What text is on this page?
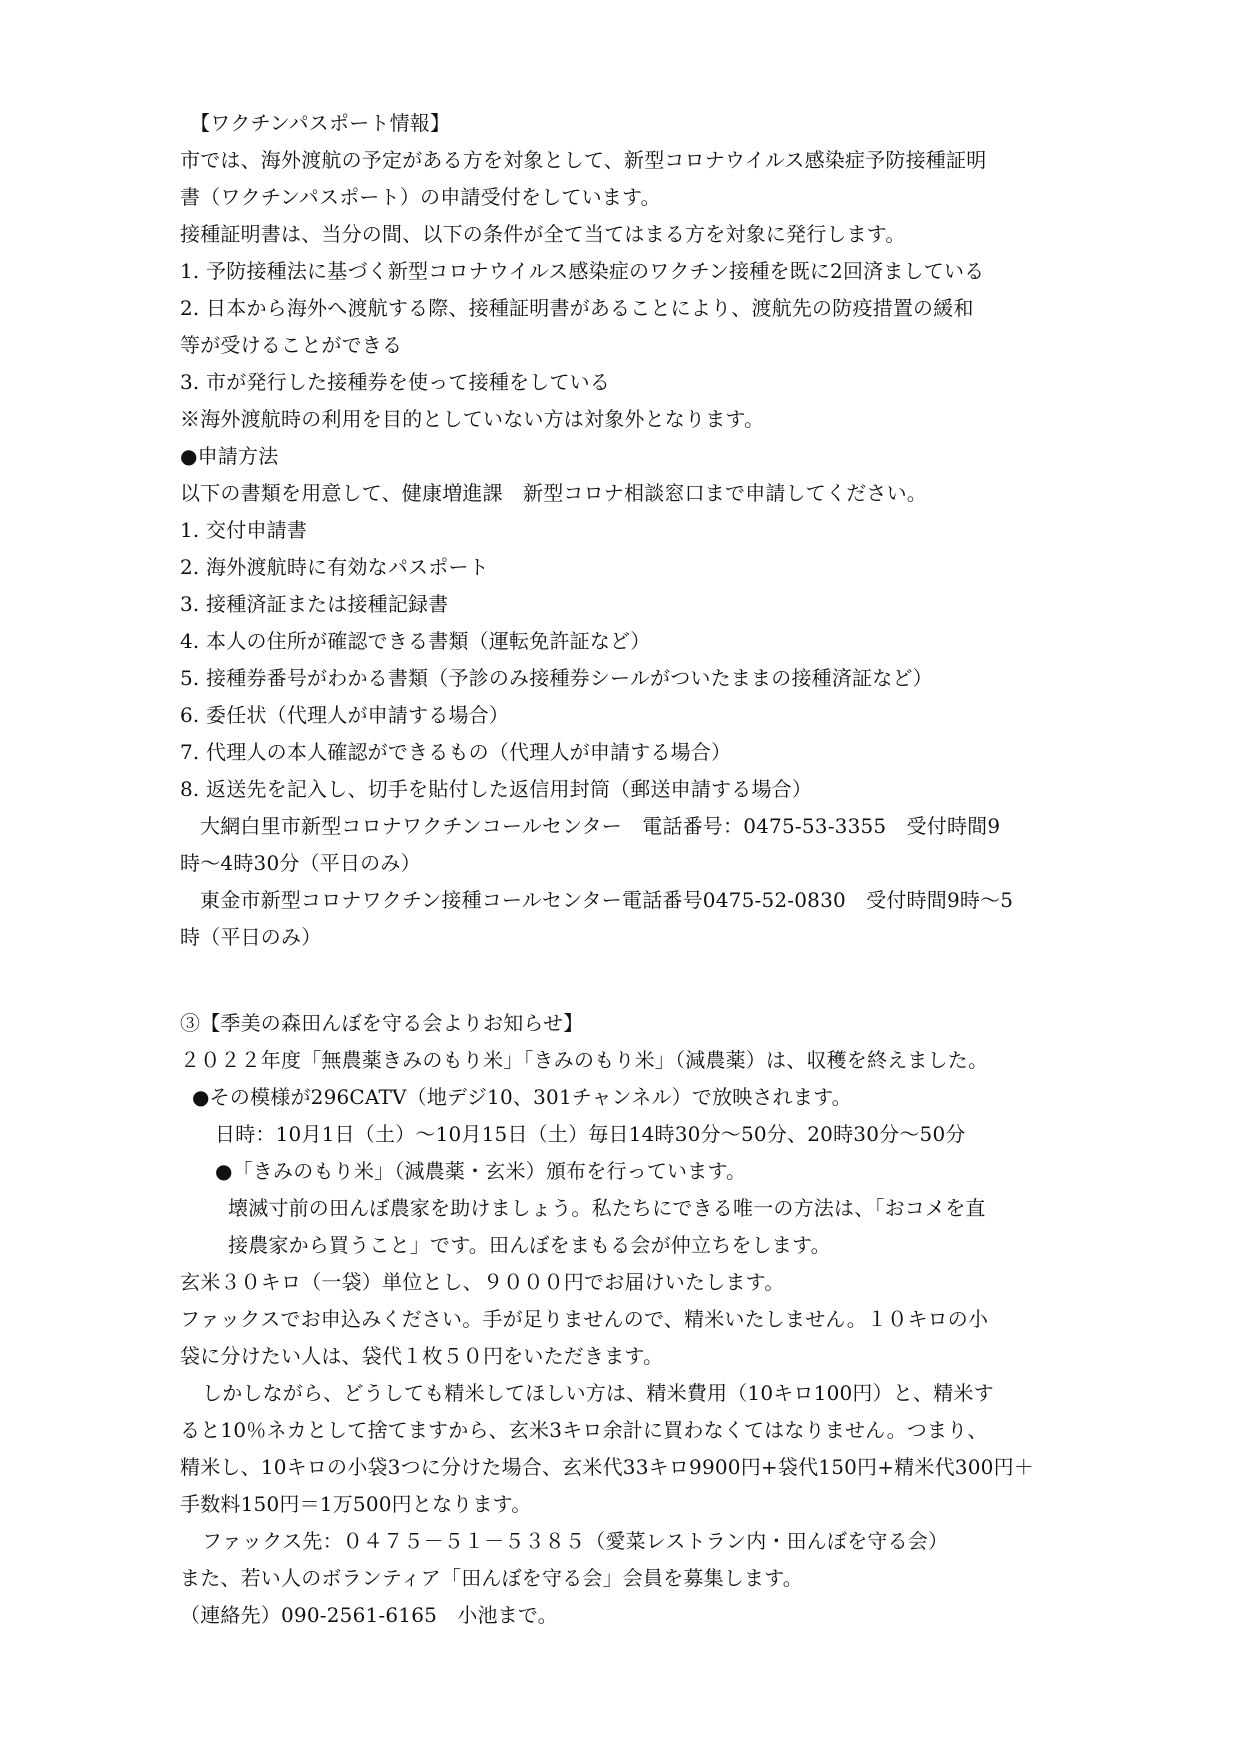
【ワクチンパスポート情報】
市では、海外渡航の予定がある方を対象として、新型コロナウイルス感染症予防接種証明
書（ワクチンパスポート）の申請受付をしています。
接種証明書は、当分の間、以下の条件が全て当てはまる方を対象に発行します。
1. 予防接種法に基づく新型コロナウイルス感染症のワクチン接種を既に2回済ましている
2. 日本から海外へ渡航する際、接種証明書があることにより、渡航先の防疫措置の緩和
等が受けることができる
3. 市が発行した接種券を使って接種をしている
※海外渡航時の利用を目的としていない方は対象外となります。
●申請方法
以下の書類を用意して、健康増進課　新型コロナ相談窓口まで申請してください。
1. 交付申請書
2. 海外渡航時に有効なパスポート
3. 接種済証または接種記録書
4. 本人の住所が確認できる書類（運転免許証など）
5. 接種券番号がわかる書類（予診のみ接種券シールがついたままの接種済証など）
6. 委任状（代理人が申請する場合）
7. 代理人の本人確認ができるもの（代理人が申請する場合）
8. 返送先を記入し、切手を貼付した返信用封筒（郵送申請する場合）
大網白里市新型コロナワクチンコールセンター　電話番号：0475-53-3355　受付時間9
時～4時30分（平日のみ）
東金市新型コロナワクチン接種コールセンター電話番号0475-52-0830　受付時間9時～5
時（平日のみ）
③【季美の森田んぼを守る会よりお知らせ】
２０２２年度「無農薬きみのもり米」「きみのもり米」（減農薬）は、収穫を終えました。
●その模様が296CATV（地デジ10、301チャンネル）で放映されます。
日時：10月1日（土）～10月15日（土）毎日14時30分～50分、20時30分～50分
●「きみのもり米」（減農薬・玄米）頒布を行っています。
壊滅寸前の田んぼ農家を助けましょう。私たちにできる唯一の方法は、「おコメを直
接農家から買うこと」です。田んぼをまもる会が仲立ちをします。
玄米３０キロ（一袋）単位とし、９０００円でお届けいたします。
ファックスでお申込みください。手が足りませんので、精米いたしません。１０キロの小
袋に分けたい人は、袋代１枚５０円をいただきます。
しかしながら、どうしても精米してほしい方は、精米費用（10キロ100円）と、精米す
ると10％ネカとして捨てますから、玄米3キロ余計に買わなくてはなりません。つまり、
精米し、10キロの小袋3つに分けた場合、玄米代33キロ9900円+袋代150円+精米代300円＋
手数料150円＝1万500円となります。
ファックス先：０４７５－５１－５３８５（愛菜レストラン内・田んぼを守る会）
また、若い人のボランティア「田んぼを守る会」会員を募集します。
（連絡先）090-2561-6165　小池まで。
